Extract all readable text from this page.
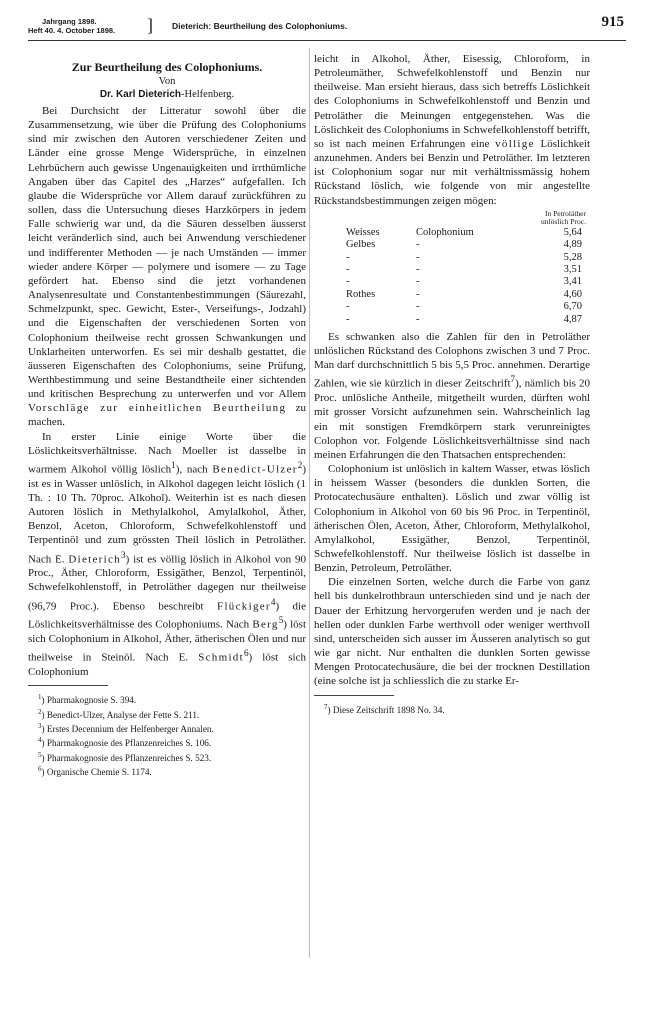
Jahrgang 1898.
Heft 40. 4. October 1898. ] Dieterich: Beurtheilung des Colophoniums.	915
Zur Beurtheilung des Colophoniums.
Von
Dr. Karl Dieterich-Helfenberg.

Bei Durchsicht der Litteratur sowohl über die Zusammensetzung, wie über die Prüfung des Colophoniums sind mir zwischen den Autoren verschiedener Zeiten und Länder eine grosse Menge Widersprüche, in einzelnen Lehrbüchern auch gewisse Ungenauigkeiten und irrthümliche Angaben über das Capitel des „Harzes“ aufgefallen. Ich glaube die Widersprüche vor Allem darauf zurückführen zu sollen, dass die Untersuchung dieses Harzkörpers in jedem Falle schwierig war und, da die Säuren desselben äusserst leicht veränderlich sind, auch bei Anwendung verschiedener und indifferenter Methoden — je nach Umständen — immer wieder andere Körper — polymere und isomere — zu Tage gefördert hat. Ebenso sind die jetzt vorhandenen Analysenresultate und Constantenbestimmungen (Säurezahl, Schmelzpunkt, spec. Gewicht, Ester-, Verseifungs-, Jodzahl) und die Eigenschaften der verschiedenen Sorten von Colophonium theilweise recht grossen Schwankungen und Unklarheiten unterworfen. Es sei mir deshalb gestattet, die äusseren Eigenschaften des Colophoniums, seine Prüfung, Werthbestimmung und seine Bestandtheile einer sichtenden und kritischen Besprechung zu unterwerfen und vor Allem Vorschläge zur einheitlichen Beurtheilung zu machen.

In erster Linie einige Worte über die Löslichkeitsverhältnisse. Nach Moeller ist dasselbe in warmem Alkohol völlig löslich$^1$), nach Benedict-Ulzer$^2$) ist es in Wasser unlöslich, in Alkohol dagegen leicht löslich (1 Th. : 10 Th. 70proc. Alkohol). Weiterhin ist es nach diesen Autoren löslich in Methylalkohol, Amylalkohol, Äther, Benzol, Aceton, Chloroform, Schwefelkohlenstoff und Terpentinöl und zum grössten Theil löslich in Petroläther. Nach E. Dieterich$^3$) ist es völlig löslich in Alkohol von 90 Proc., Äther, Chloroform, Essigäther, Benzol, Terpentinöl, Schwefelkohlenstoff, in Petroläther dagegen nur theilweise (96,79 Proc.). Ebenso beschreibt Flückiger$^4$) die Löslichkeitsverhältnisse des Colophoniums. Nach Berg$^5$) löst sich Colophonium in Alkohol, Äther, ätherischen Ölen und nur theilweise in Steinöl. Nach E. Schmidt$^6$) löst sich Colophonium

$^1$) Pharmakognosie S. 394.
$^2$) Benedict-Ulzer, Analyse der Fette S. 211.
$^3$) Erstes Decennium der Helfenberger Annalen.
$^4$) Pharmakognosie des Pflanzenreiches S. 106.
$^5$) Pharmakognosie des Pflanzenreiches S. 523.
$^6$) Organische Chemie S. 1174.

leicht in Alkohol, Äther, Eisessig, Chloroform, in Petroleumäther, Schwefelkohlenstoff und Benzin nur theilweise. Man ersieht hieraus, dass sich betreffs Löslichkeit des Colophoniums in Schwefelkohlenstoff und Benzin und Petroläther die Meinungen entgegenstehen. Was die Löslichkeit des Colophoniums in Schwefelkohlenstoff betrifft, so ist nach meinen Erfahrungen eine völlige Löslichkeit anzunehmen. Anders bei Benzin und Petroläther. Im letzteren ist Colophonium sogar nur mit verhältnissmässig hohem Rückstand löslich, wie folgende von mir angestellte Rückstandsbestimmungen zeigen mögen:

In Petroläther
unlöslich Proc.
Weisses	Colophonium	5,64
Gelbes	-	4,89
-	-	5,28
-	-	3,51
-	-	3,41
Rothes	-	4,60
-	-	6,70
-	-	4,87

Es schwanken also die Zahlen für den in Petroläther unlöslichen Rückstand des Colophons zwischen 3 und 7 Proc. Man darf durchschnittlich 5 bis 5,5 Proc. annehmen. Derartige Zahlen, wie sie kürzlich in dieser Zeitschrift$^7$), nämlich bis 20 Proc. unlösliche Antheile, mitgetheilt wurden, dürften wohl mit grosser Vorsicht aufzunehmen sein. Wahrscheinlich lag ein mit sonstigen Fremdkörpern stark verunreinigtes Colophon vor. Folgende Löslichkeitsverhältnisse sind nach meinen Erfahrungen die den Thatsachen entsprechenden:

Colophonium ist unlöslich in kaltem Wasser, etwas löslich in heissem Wasser (besonders die dunklen Sorten, die Protocatechusäure enthalten). Löslich und zwar völlig ist Colophonium in Alkohol von 60 bis 96 Proc. in Terpentinöl, ätherischen Ölen, Aceton, Äther, Chloroform, Methylalkohol, Amylalkohol, Essigäther, Benzol, Terpentinöl, Schwefelkohlenstoff. Nur theilweise löslich ist dasselbe in Benzin, Petroleum, Petroläther.

Die einzelnen Sorten, welche durch die Farbe von ganz hell bis dunkelrothbraun unterschieden sind und je nach der Dauer der Erhitzung hervorgerufen werden und je nach der hellen oder dunklen Farbe werthvoll oder weniger werthvoll sind, unterscheiden sich ausser im Äusseren analytisch so gut wie gar nicht. Nur enthalten die dunklen Sorten gewisse Mengen Protocatechusäure, die bei der trocknen Destillation (eine solche ist ja schliesslich die zu starke Er-

$^7$) Diese Zeitschrift 1898 No. 34.
